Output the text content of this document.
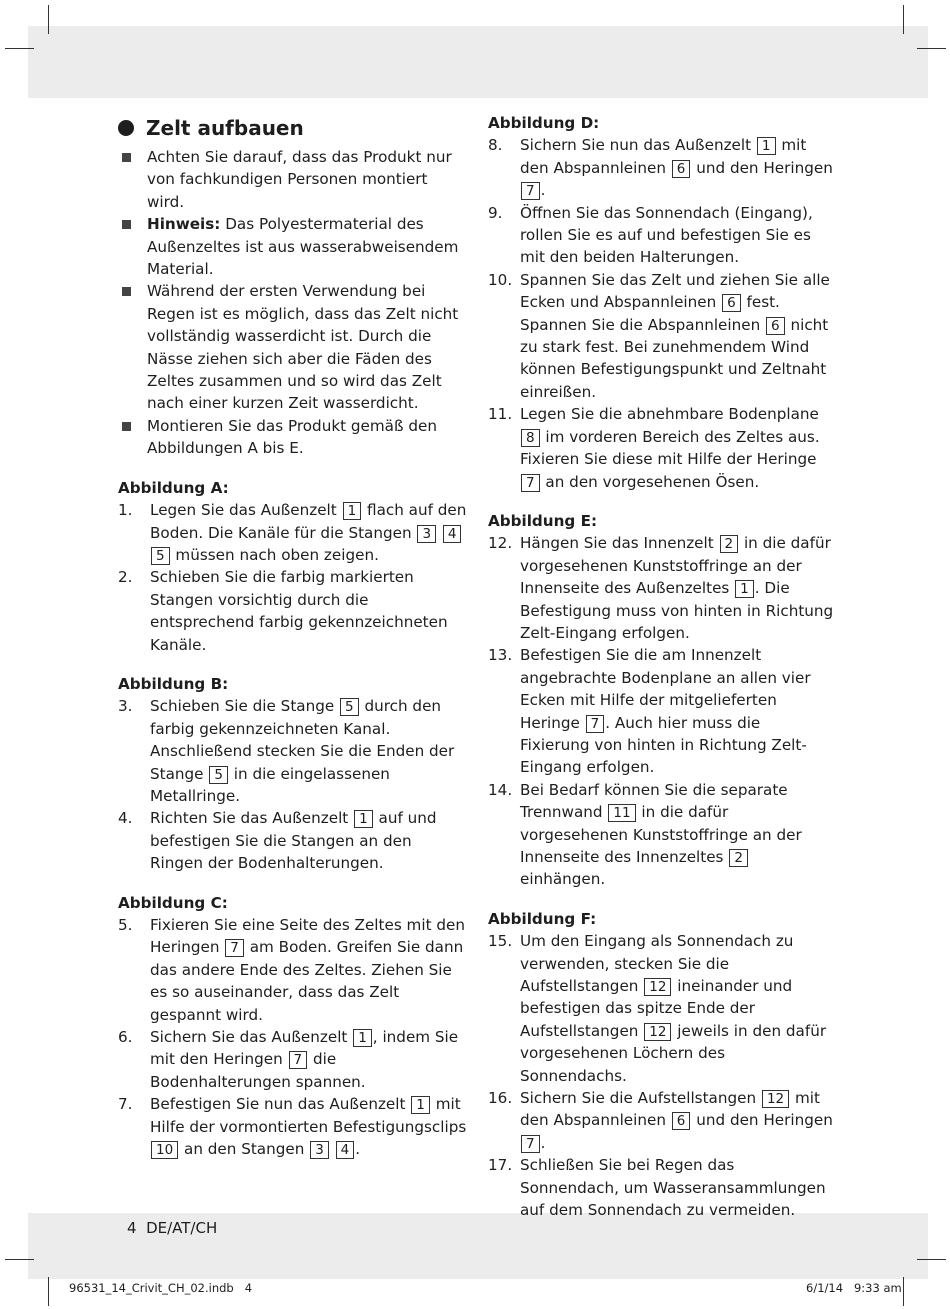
Zelt aufbauen
Achten Sie darauf, dass das Produkt nur von fachkundigen Personen montiert wird.
Hinweis: Das Polyestermaterial des Außenzeltes ist aus wasserabweisendem Material.
Während der ersten Verwendung bei Regen ist es möglich, dass das Zelt nicht vollständig wasserdicht ist. Durch die Nässe ziehen sich aber die Fäden des Zeltes zusammen und so wird das Zelt nach einer kurzen Zeit wasserdicht.
Montieren Sie das Produkt gemäß den Abbildungen A bis E.
Abbildung A:
1.	Legen Sie das Außenzelt 1 flach auf den Boden. Die Kanäle für die Stangen 3 4 5 müssen nach oben zeigen.
2.	Schieben Sie die farbig markierten Stangen vorsichtig durch die entsprechend farbig gekennzeichneten Kanäle.
Abbildung B:
3.	Schieben Sie die Stange 5 durch den farbig gekennzeichneten Kanal. Anschließend stecken Sie die Enden der Stange 5 in die eingelassenen Metallringe.
4.	Richten Sie das Außenzelt 1 auf und befestigen Sie die Stangen an den Ringen der Bodenhalterungen.
Abbildung C:
5.	Fixieren Sie eine Seite des Zeltes mit den Heringen 7 am Boden. Greifen Sie dann das andere Ende des Zeltes. Ziehen Sie es so auseinander, dass das Zelt gespannt wird.
6.	Sichern Sie das Außenzelt 1 , indem Sie mit den Heringen 7 die Bodenhalterungen spannen.
7.	Befestigen Sie nun das Außenzelt 1 mit Hilfe der vormontierten Befestigungsclips 10 an den Stangen 3 4 .
Abbildung D:
8.	Sichern Sie nun das Außenzelt 1 mit den Abspannleinen 6 und den Heringen 7 .
9.	Öffnen Sie das Sonnendach (Eingang), rollen Sie es auf und befestigen Sie es mit den beiden Halterungen.
10. Spannen Sie das Zelt und ziehen Sie alle Ecken und Abspannleinen 6 fest. Spannen Sie die Abspannleinen 6 nicht zu stark fest. Bei zunehmendem Wind können Befestigungspunkt und Zeltnaht einreißen.
11. Legen Sie die abnehmbare Bodenplane 8 im vorderen Bereich des Zeltes aus. Fixieren Sie diese mit Hilfe der Heringe 7 an den vorgesehenen Ösen.
Abbildung E:
12. Hängen Sie das Innenzelt 2 in die dafür vorgesehenen Kunststoffringe an der Innenseite des Außenzeltes 1 . Die Befestigung muss von hinten in Richtung Zelt-Eingang erfolgen.
13. Befestigen Sie die am Innenzelt angebrachte Bodenplane an allen vier Ecken mit Hilfe der mitgelieferten Heringe 7 . Auch hier muss die Fixierung von hinten in Richtung Zelt-Eingang erfolgen.
14. Bei Bedarf können Sie die separate Trennwand 11 in die dafür vorgesehenen Kunststoffringe an der Innenseite des Innenzeltes 2 einhängen.
Abbildung F:
15. Um den Eingang als Sonnendach zu verwenden, stecken Sie die Aufstellstangen 12 ineinander und befestigen das spitze Ende der Aufstellstangen 12 jeweils in den dafür vorgesehenen Löchern des Sonnendachs.
16. Sichern Sie die Aufstellstangen 12 mit den Abspannleinen 6 und den Heringen 7 .
17. Schließen Sie bei Regen das Sonnendach, um Wasseransammlungen auf dem Sonnendach zu vermeiden.
4 DE/AT/CH
96531_14_Crivit_CH_02.indb   4	6/1/14   9:33 am
